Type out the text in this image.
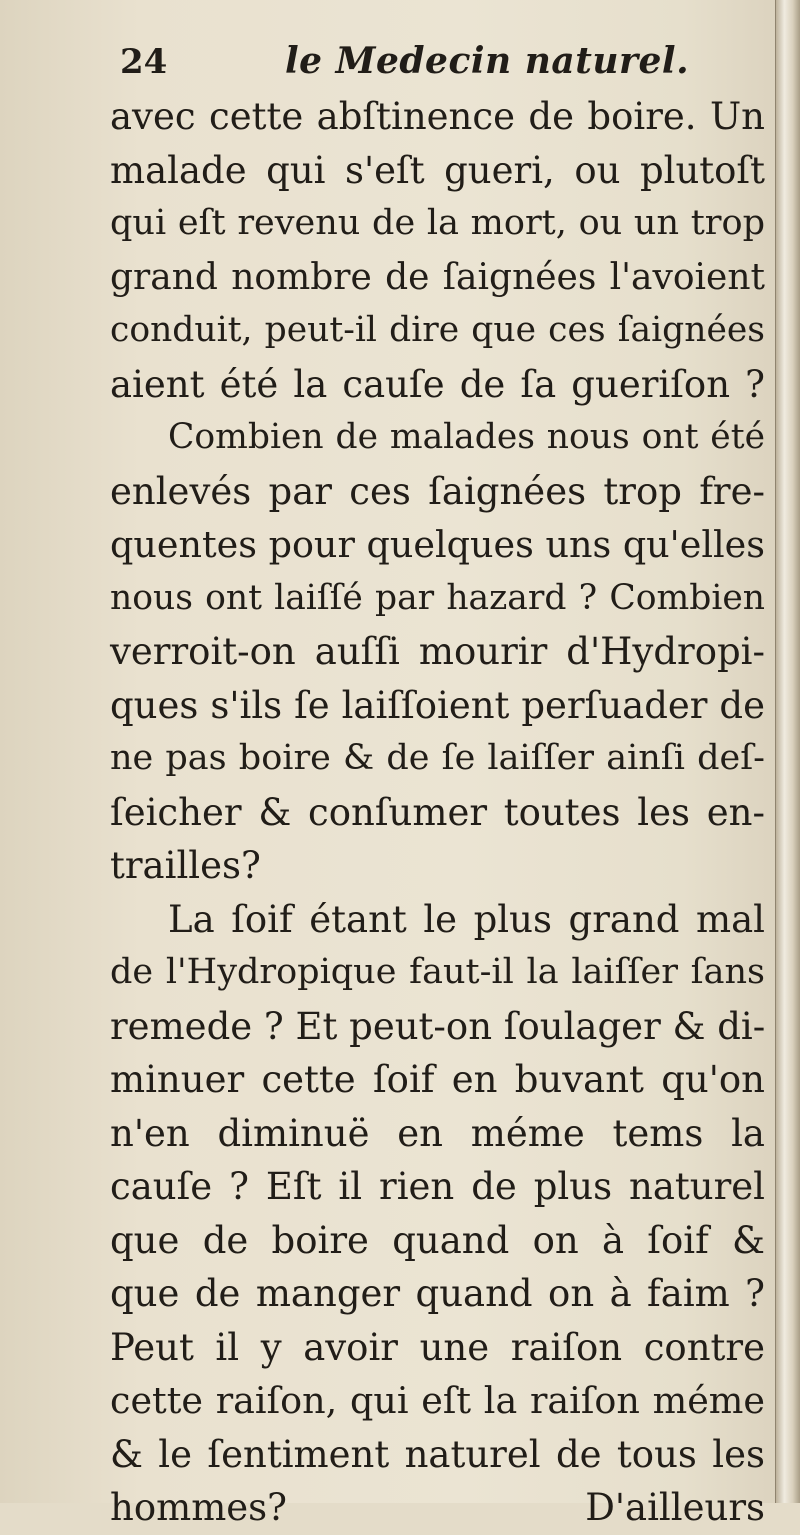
24	le Medecin naturel.
avec cette abſtinence de boire. Un
malade qui s'eſt gueri, ou plutoſt
qui eſt revenu de la mort, ou un trop
grand nombre de ſaignées l'avoient
conduit, peut-il dire que ces ſaignées
aient été la cauſe de ſa gueriſon ?
Combien de malades nous ont été
enlevés par ces ſaignées trop fre-
quentes pour quelques uns qu'elles
nous ont laiſſé par hazard ? Combien
verroit-on auſſi mourir d'Hydropi-
ques s'ils ſe laiſſoient perſuader de
ne pas boire & de ſe laiſſer ainſi deſ-
ſeicher & conſumer toutes les en-
trailles?
La ſoif étant le plus grand mal
de l'Hydropique faut-il la laiſſer ſans
remede ? Et peut-on ſoulager & di-
minuer cette ſoif en buvant qu'on
n'en diminuë en méme tems la
cauſe ? Eſt il rien de plus naturel
que de boire quand on à ſoif &
que de manger quand on à faim ?
Peut il y avoir une raiſon contre
cette raiſon, qui eſt la raiſon méme
& le ſentiment naturel de tous les
hommes?	D'ailleurs
